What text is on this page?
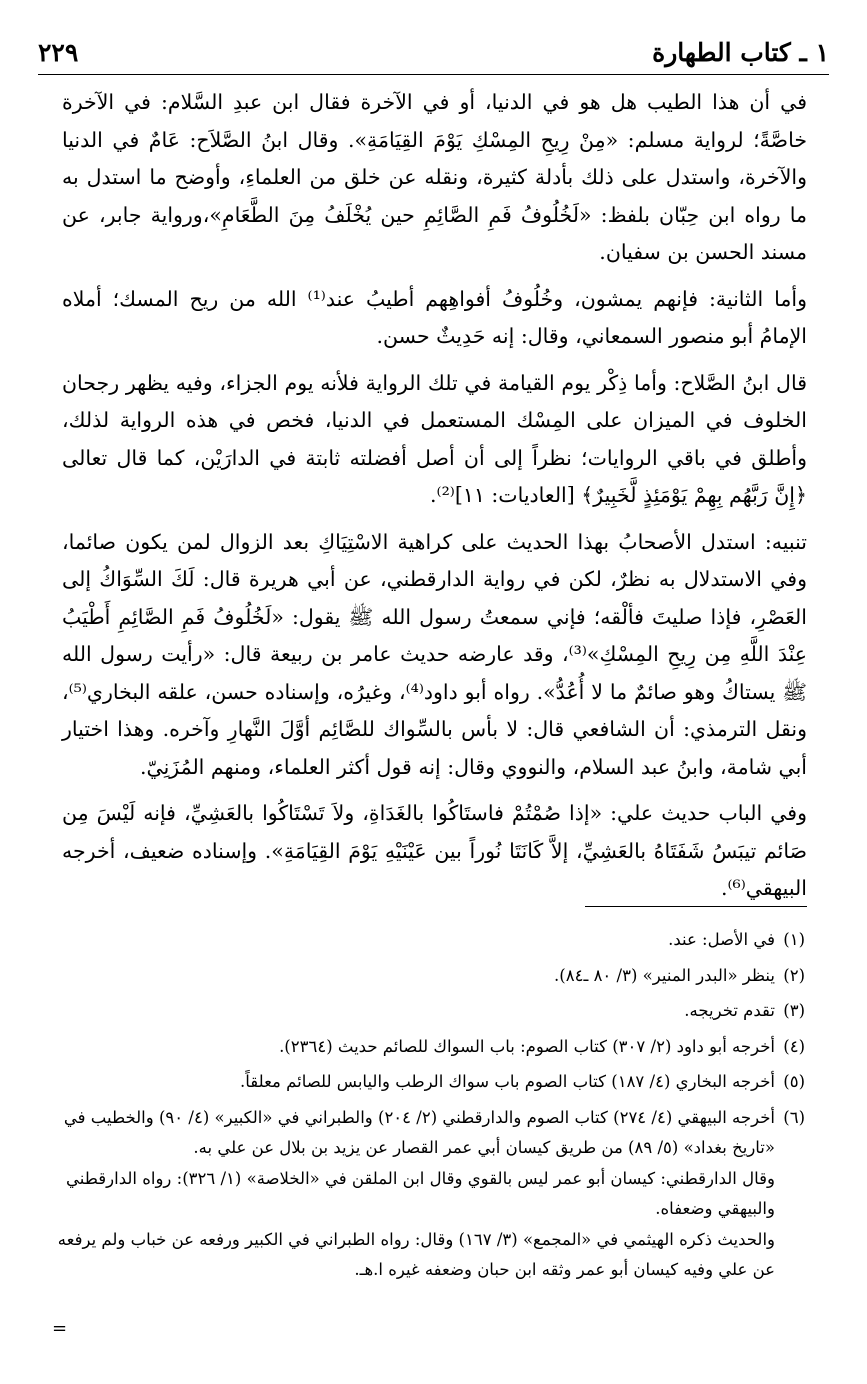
١ ـ كتاب الطهارة
٢٢٩

في أن هذا الطيب هل هو في الدنيا، أو في الآخرة فقال ابن عبدِ السَّلام: في الآخرة خاصَّةً؛ لرواية مسلم: «مِنْ رِيحِ المِسْكِ يَوْمَ القِيَامَةِ». وقال ابنُ الصَّلاَح: عَامٌ في الدنيا والآخرة، واستدل على ذلك بأدلة كثيرة، ونقله عن خلق من العلماءِ، وأوضح ما استدل به ما رواه ابن حِبّان بلفظ: «لَخُلُوفُ فَمِ الصَّائِمِ حين يُخْلَفُ مِنَ الطَّعَامِ»،ورواية جابر، عن مسند الحسن بن سفيان.

وأما الثانية: فإنهم يمشون، وخُلُوفُ أفواهِهم أطيبُ عند⁽¹⁾ الله من ريح المسك؛ أملاه الإمامُ أبو منصور السمعاني، وقال: إنه حَدِيثٌ حسن.

قال ابنُ الصَّلاح: وأما ذِكْر يوم القيامة في تلك الرواية فلأنه يوم الجزاء، وفيه يظهر رجحان الخلوف في الميزان على المِسْك المستعمل في الدنيا، فخص في هذه الرواية لذلك، وأطلق في باقي الروايات؛ نظراً إلى أن أصل أفضلته ثابتة في الدارَيْن، كما قال تعالى ﴿إِنَّ رَبَّهُم بِهِمْ يَوْمَئِذٍ لَّخَبِيرٌ﴾ [العاديات: ١١]⁽²⁾.

تنبيه: استدل الأصحابُ بهذا الحديث على كراهية الاسْتِيَاكِ بعد الزوال لمن يكون صائما، وفي الاستدلال به نظرٌ، لكن في رواية الدارقطني، عن أبي هريرة قال: لَكَ السِّوَاكُ إلى العَصْرِ، فإذا صليتَ فألْقه؛ فإني سمعتُ رسول الله ﷺ يقول: «لَخُلُوفُ فَمِ الصَّائِمِ أَطْيَبُ عِنْدَ اللَّهِ مِن رِيحِ المِسْكِ»⁽³⁾، وقد عارضه حديث عامر بن ربيعة قال: «رأيت رسول الله ﷺ يستاكُ وهو صائمٌ ما لا أُعُدُّ». رواه أبو داود⁽⁴⁾، وغيرُه، وإسناده حسن، علقه البخاري⁽⁵⁾، ونقل الترمذي: أن الشافعي قال: لا بأس بالسِّواك للصَّائِم أوَّلَ النَّهارِ وآخره. وهذا اختيار أبي شامة، وابنُ عبد السلام، والنووي وقال: إنه قول أكثر العلماء، ومنهم المُزَنِيّ.

وفي الباب حديث علي: «إذا صُمْتُمْ فاستَاكُوا بالغَدَاةِ، ولاَ تَسْتَاكُوا بالعَشِيِّ، فإنه لَيْسَ مِن صَائم تيبَسُ شَفَتَاهُ بالعَشِيِّ، إلاَّ كَانَتَا نُوراً بين عَيْنَيْهِ يَوْمَ القِيَامَةِ». وإسناده ضعيف، أخرجه البيهقي⁽⁶⁾.

(١)
في الأصل: عند.
(٢)
ينظر «البدر المنير» (٣/ ٨٠ ـ٨٤).
(٣)
تقدم تخريجه.
(٤)
أخرجه أبو داود (٢/ ٣٠٧) كتاب الصوم: باب السواك للصائم حديث (٢٣٦٤).
(٥)
أخرجه البخاري (٤/ ١٨٧) كتاب الصوم باب سواك الرطب واليابس للصائم معلقاً.
(٦)
أخرجه البيهقي (٤/ ٢٧٤) كتاب الصوم والدارقطني (٢/ ٢٠٤) والطبراني في «الكبير» (٤/ ٩٠) والخطيب في «تاريخ بغداد» (٥/ ٨٩) من طريق كيسان أبي عمر القصار عن يزيد بن بلال عن علي به.
وقال الدارقطني: كيسان أبو عمر ليس بالقوي وقال ابن الملقن في «الخلاصة» (١/ ٣٢٦): رواه الدارقطني والبيهقي وضعفاه.
والحديث ذكره الهيثمي في «المجمع» (٣/ ١٦٧) وقال: رواه الطبراني في الكبير ورفعه عن خباب ولم يرفعه عن علي وفيه كيسان أبو عمر وثقه ابن حبان وضعفه غيره ا.هـ.
=
